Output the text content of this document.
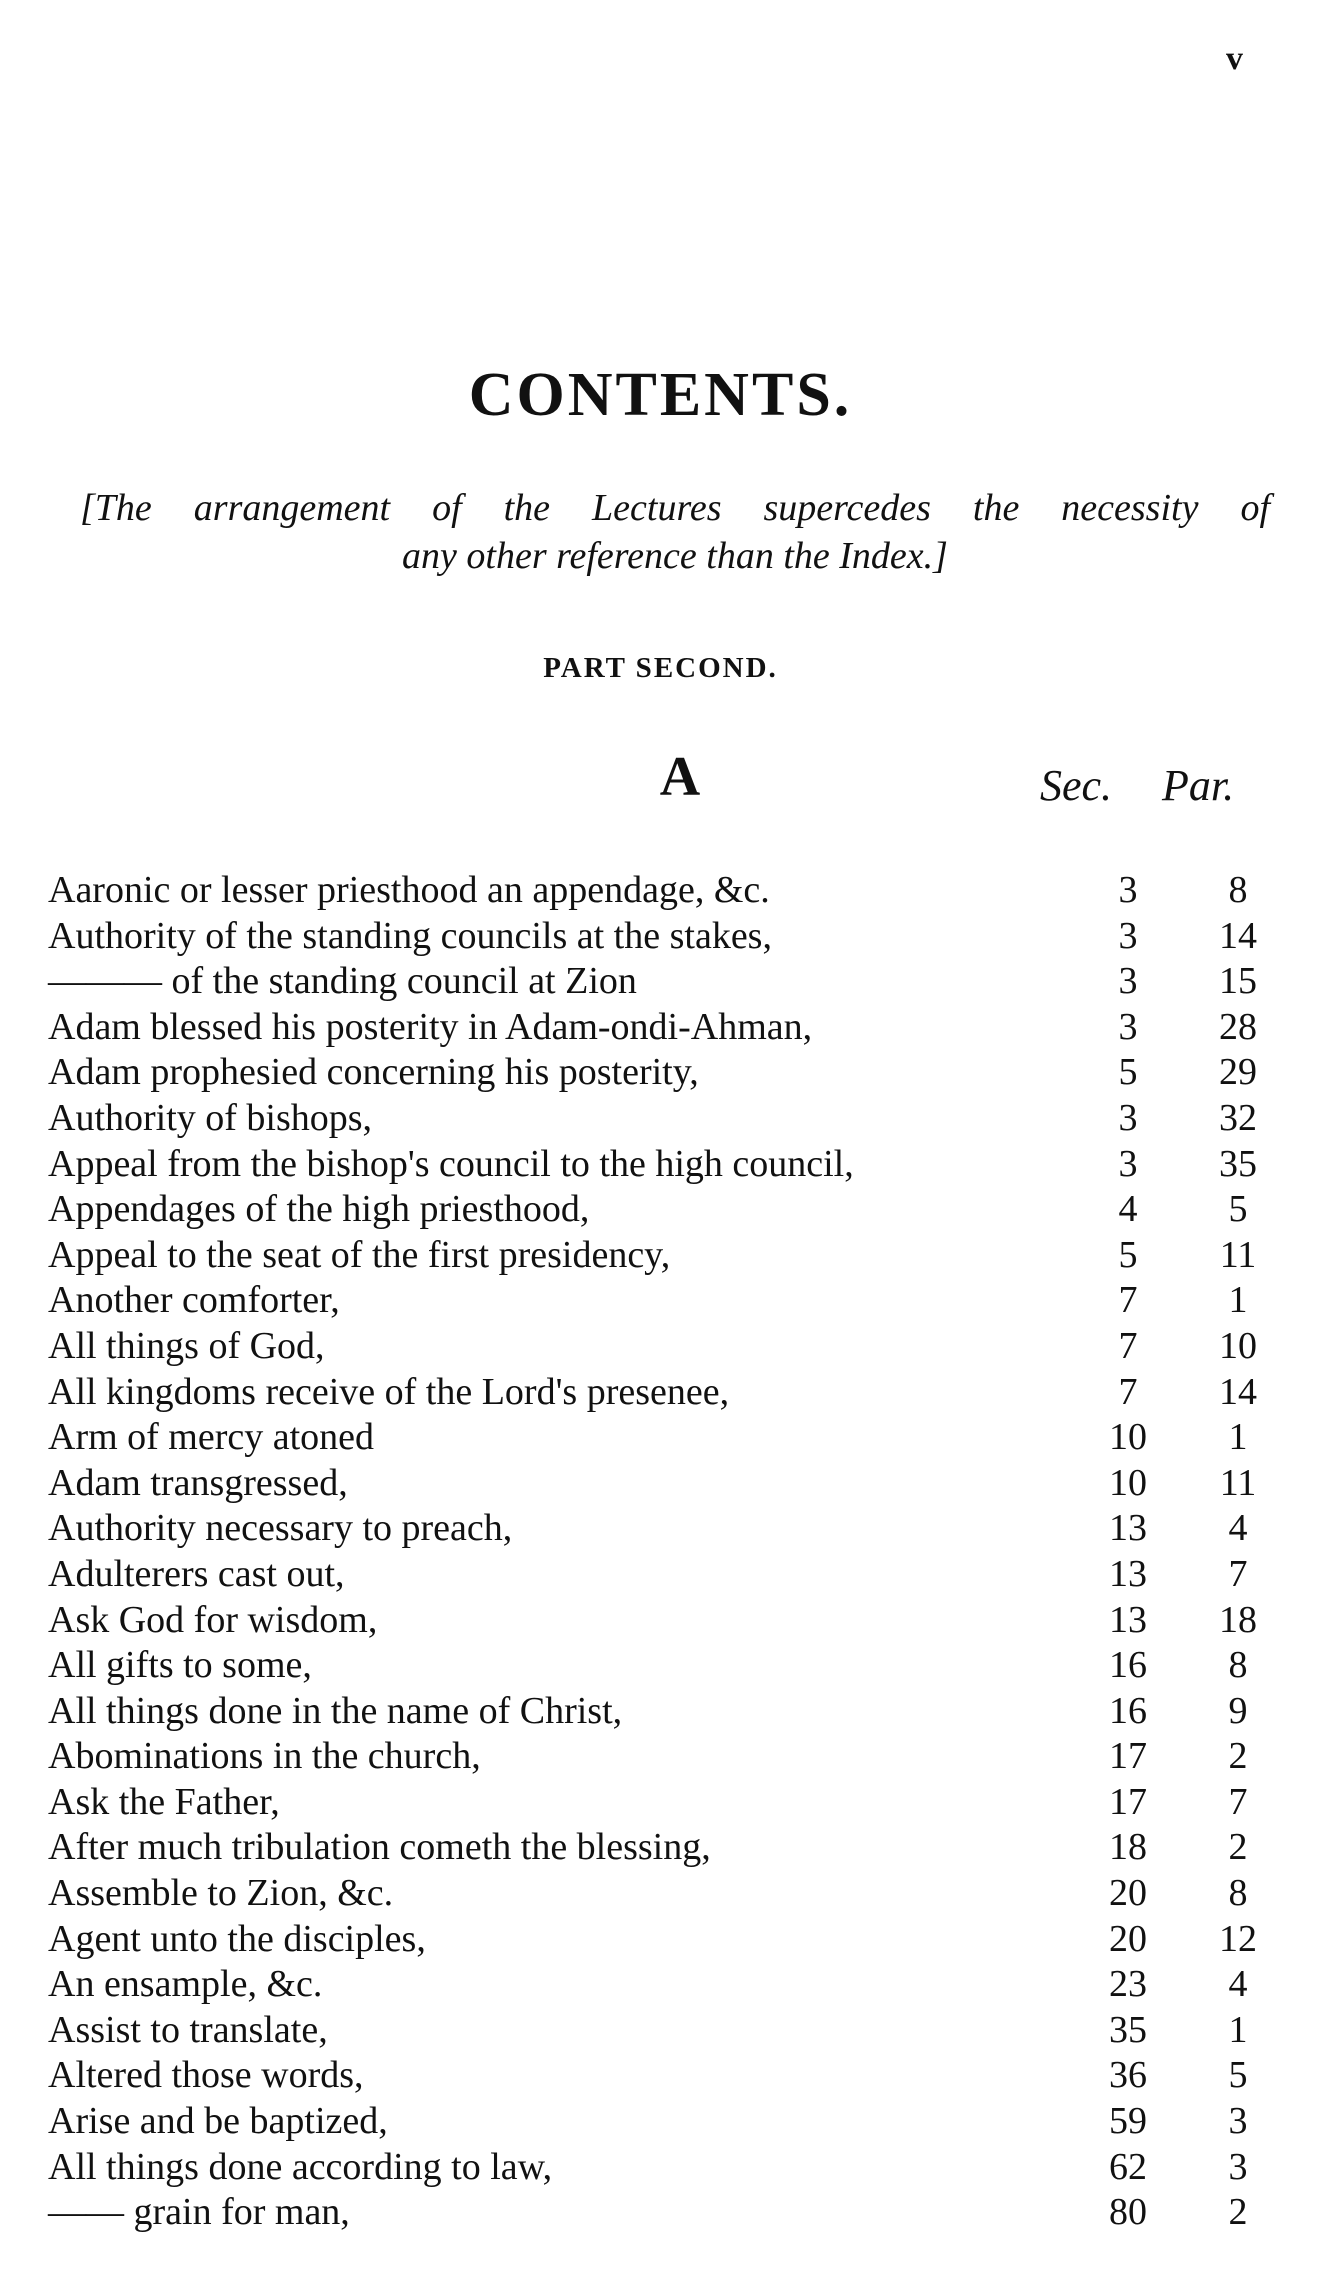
v
CONTENTS.
[The arrangement of the Lectures supercedes the necessity of
any other reference than the Index.]
PART SECOND.
A	Sec. Par.
Aaronic or lesser priesthood an appendage, &c.	3	8
Authority of the standing councils at the stakes,	3	14
——— of the standing council at Zion	3	15
Adam blessed his posterity in Adam-ondi-Ahman,	3	28
Adam prophesied concerning his posterity,	5	29
Authority of bishops,	3	32
Appeal from the bishop's council to the high council,	3	35
Appendages of the high priesthood,	4	5
Appeal to the seat of the first presidency,	5	11
Another comforter,	7	1
All things of God,	7	10
All kingdoms receive of the Lord's presenee,	7	14
Arm of mercy atoned	10	1
Adam transgressed,	10	11
Authority necessary to preach,	13	4
Adulterers cast out,	13	7
Ask God for wisdom,	13	18
All gifts to some,	16	8
All things done in the name of Christ,	16	9
Abominations in the church,	17	2
Ask the Father,	17	7
After much tribulation cometh the blessing,	18	2
Assemble to Zion, &c.	20	8
Agent unto the disciples,	20	12
An ensample, &c.	23	4
Assist to translate,	35	1
Altered those words,	36	5
Arise and be baptized,	59	3
All things done according to law,	62	3
—— grain for man,	80	2
